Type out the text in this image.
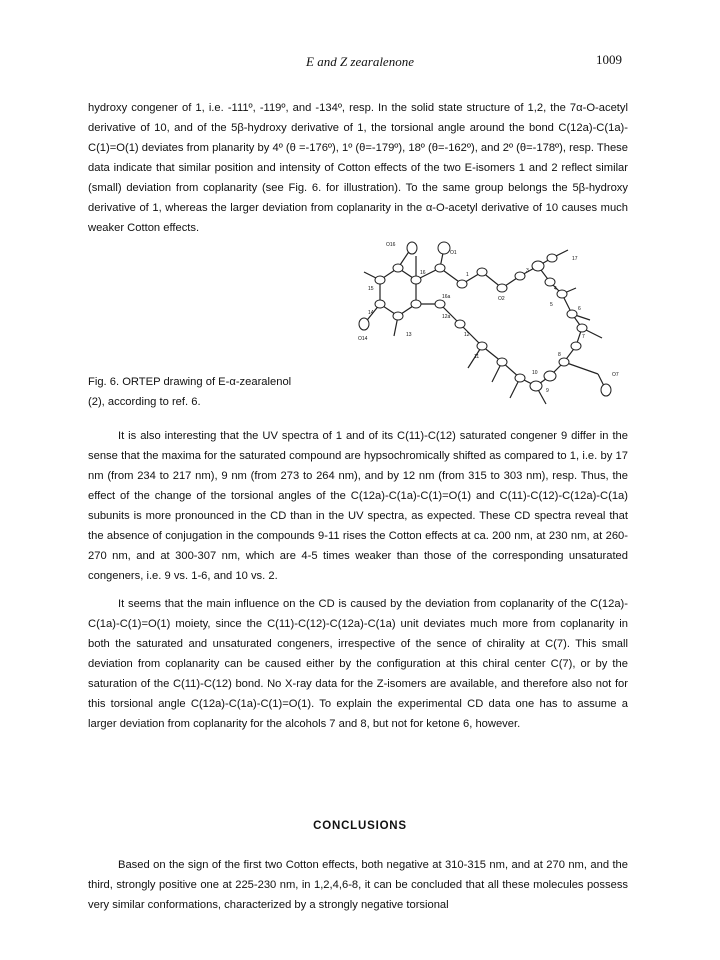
E and Z zearalenone	1009

hydroxy congener of 1, i.e. -111º, -119º, and -134º, resp. In the solid state structure of 1,2, the 7α-O-acetyl derivative of 10, and of the 5β-hydroxy derivative of 1, the torsional angle around the bond C(12a)-C(1a)-C(1)=O(1) deviates from planarity by 4º (θ =-176º), 1º (θ=-179º), 18º (θ=-162º), and 2º (θ=-178º), resp. These data indicate that similar position and intensity of Cotton effects of the two E-isomers 1 and 2 reflect similar (small) deviation from coplanarity (see Fig. 6. for illustration). To the same group belongs the 5β-hydroxy derivative of 1, whereas the larger deviation from coplanarity in the α-O-acetyl derivative of 10 causes much weaker Cotton effects.

O16
O1
17
16	1
3
15
O2
4
16a
5
14
12a
13	12
6
O14
11
7
O7
10
8
9

Fig. 6. ORTEP drawing of E-α-zearalenol (2), according to ref. 6.

It is also interesting that the UV spectra of 1 and of its C(11)-C(12) saturated congener 9 differ in the sense that the maxima for the saturated compound are hypsochromically shifted as compared to 1, i.e. by 17 nm (from 234 to 217 nm), 9 nm (from 273 to 264 nm), and by 12 nm (from 315 to 303 nm), resp. Thus, the effect of the change of the torsional angles of the C(12a)-C(1a)-C(1)=O(1) and C(11)-C(12)-C(12a)-C(1a) subunits is more pronounced in the CD than in the UV spectra, as expected. These CD spectra reveal that the absence of conjugation in the compounds 9-11 rises the Cotton effects at ca. 200 nm, at 230 nm, at 260-270 nm, and at 300-307 nm, which are 4-5 times weaker than those of the corresponding unsaturated congeners, i.e. 9 vs. 1-6, and 10 vs. 2.

It seems that the main influence on the CD is caused by the deviation from coplanarity of the C(12a)-C(1a)-C(1)=O(1) moiety, since the C(11)-C(12)-C(12a)-C(1a) unit deviates much more from coplanarity in both the saturated and unsaturated congeners, irrespective of the sence of chirality at C(7). This small deviation from coplanarity can be caused either by the configuration at this chiral center C(7), or by the saturation of the C(11)-C(12) bond. No X-ray data for the Z-isomers are available, and therefore also not for this torsional angle C(12a)-C(1a)-C(1)=O(1). To explain the experimental CD data one has to assume a larger deviation from coplanarity for the alcohols 7 and 8, but not for ketone 6, however.

CONCLUSIONS

Based on the sign of the first two Cotton effects, both negative at 310-315 nm, and at 270 nm, and the third, strongly positive one at 225-230 nm, in 1,2,4,6-8, it can be concluded that all these molecules possess very similar conformations, characterized by a strongly negative torsional
